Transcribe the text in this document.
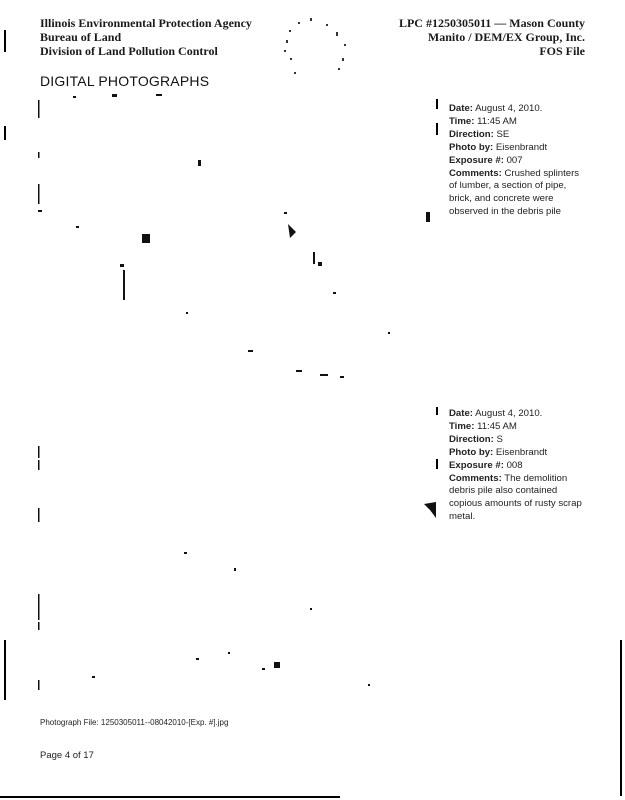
Illinois Environmental Protection Agency
Bureau of Land
Division of Land Pollution Control
LPC #1250305011 — Mason County
Manito / DEM/EX Group, Inc.
FOS File
DIGITAL PHOTOGRAPHS
Date: August 4, 2010.
Time: 11:45 AM
Direction: SE
Photo by: Eisenbrandt
Exposure #: 007
Comments: Crushed splinters of lumber, a section of pipe, brick, and concrete were observed in the debris pile
Date: August 4, 2010.
Time: 11:45 AM
Direction: S
Photo by: Eisenbrandt
Exposure #: 008
Comments: The demolition debris pile also contained copious amounts of rusty scrap metal.
Photograph File: 1250305011--08042010-[Exp. #].jpg
Page 4 of 17
